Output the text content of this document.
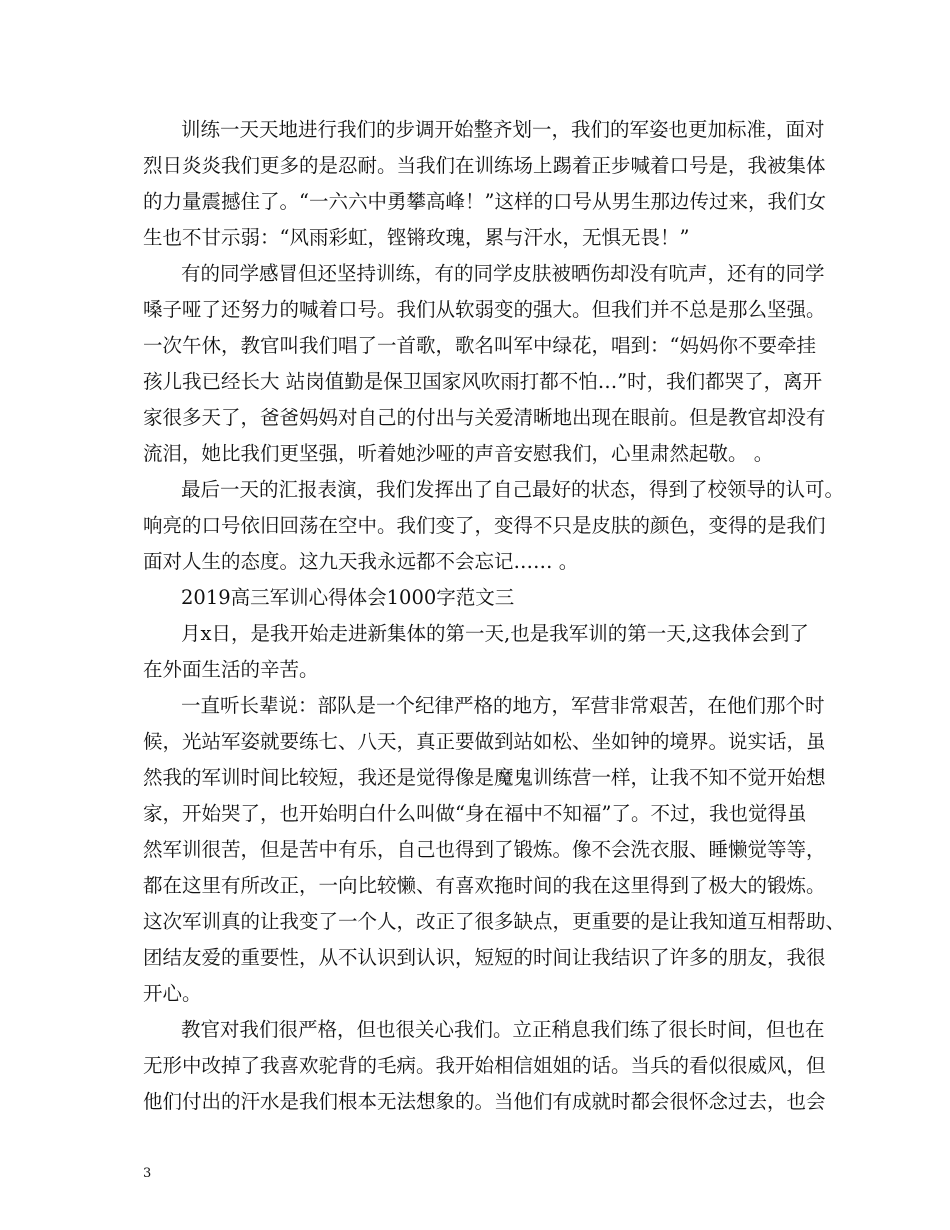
训练一天天地进行我们的步调开始整齐划一，我们的军姿也更加标准，面对
烈日炎炎我们更多的是忍耐。当我们在训练场上踢着正步喊着口号是，我被集体
的力量震撼住了。“一六六中勇攀高峰！”这样的口号从男生那边传过来，我们女
生也不甘示弱：“风雨彩虹，铿锵玫瑰，累与汗水，无惧无畏！”
有的同学感冒但还坚持训练，有的同学皮肤被晒伤却没有吭声，还有的同学
嗓子哑了还努力的喊着口号。我们从软弱变的强大。但我们并不总是那么坚强。
一次午休，教官叫我们唱了一首歌，歌名叫军中绿花，唱到：“妈妈你不要牵挂
孩儿我已经长大 站岗值勤是保卫国家风吹雨打都不怕…”时，我们都哭了，离开
家很多天了，爸爸妈妈对自己的付出与关爱清晰地出现在眼前。但是教官却没有
流泪，她比我们更坚强，听着她沙哑的声音安慰我们，心里肃然起敬。 。
最后一天的汇报表演，我们发挥出了自己最好的状态，得到了校领导的认可。
响亮的口号依旧回荡在空中。我们变了，变得不只是皮肤的颜色，变得的是我们
面对人生的态度。这九天我永远都不会忘记…… 。
2019高三军训心得体会1000字范文三
月x日，是我开始走进新集体的第一天,也是我军训的第一天,这我体会到了
在外面生活的辛苦。
一直听长辈说：部队是一个纪律严格的地方，军营非常艰苦，在他们那个时
候，光站军姿就要练七、八天，真正要做到站如松、坐如钟的境界。说实话，虽
然我的军训时间比较短，我还是觉得像是魔鬼训练营一样，让我不知不觉开始想
家，开始哭了，也开始明白什么叫做“身在福中不知福”了。不过，我也觉得虽
然军训很苦，但是苦中有乐，自己也得到了锻炼。像不会洗衣服、睡懒觉等等，
都在这里有所改正，一向比较懒、有喜欢拖时间的我在这里得到了极大的锻炼。
这次军训真的让我变了一个人，改正了很多缺点，更重要的是让我知道互相帮助、
团结友爱的重要性，从不认识到认识，短短的时间让我结识了许多的朋友，我很
开心。
教官对我们很严格，但也很关心我们。立正稍息我们练了很长时间，但也在
无形中改掉了我喜欢驼背的毛病。我开始相信姐姐的话。当兵的看似很威风，但
他们付出的汗水是我们根本无法想象的。当他们有成就时都会很怀念过去，也会
3
